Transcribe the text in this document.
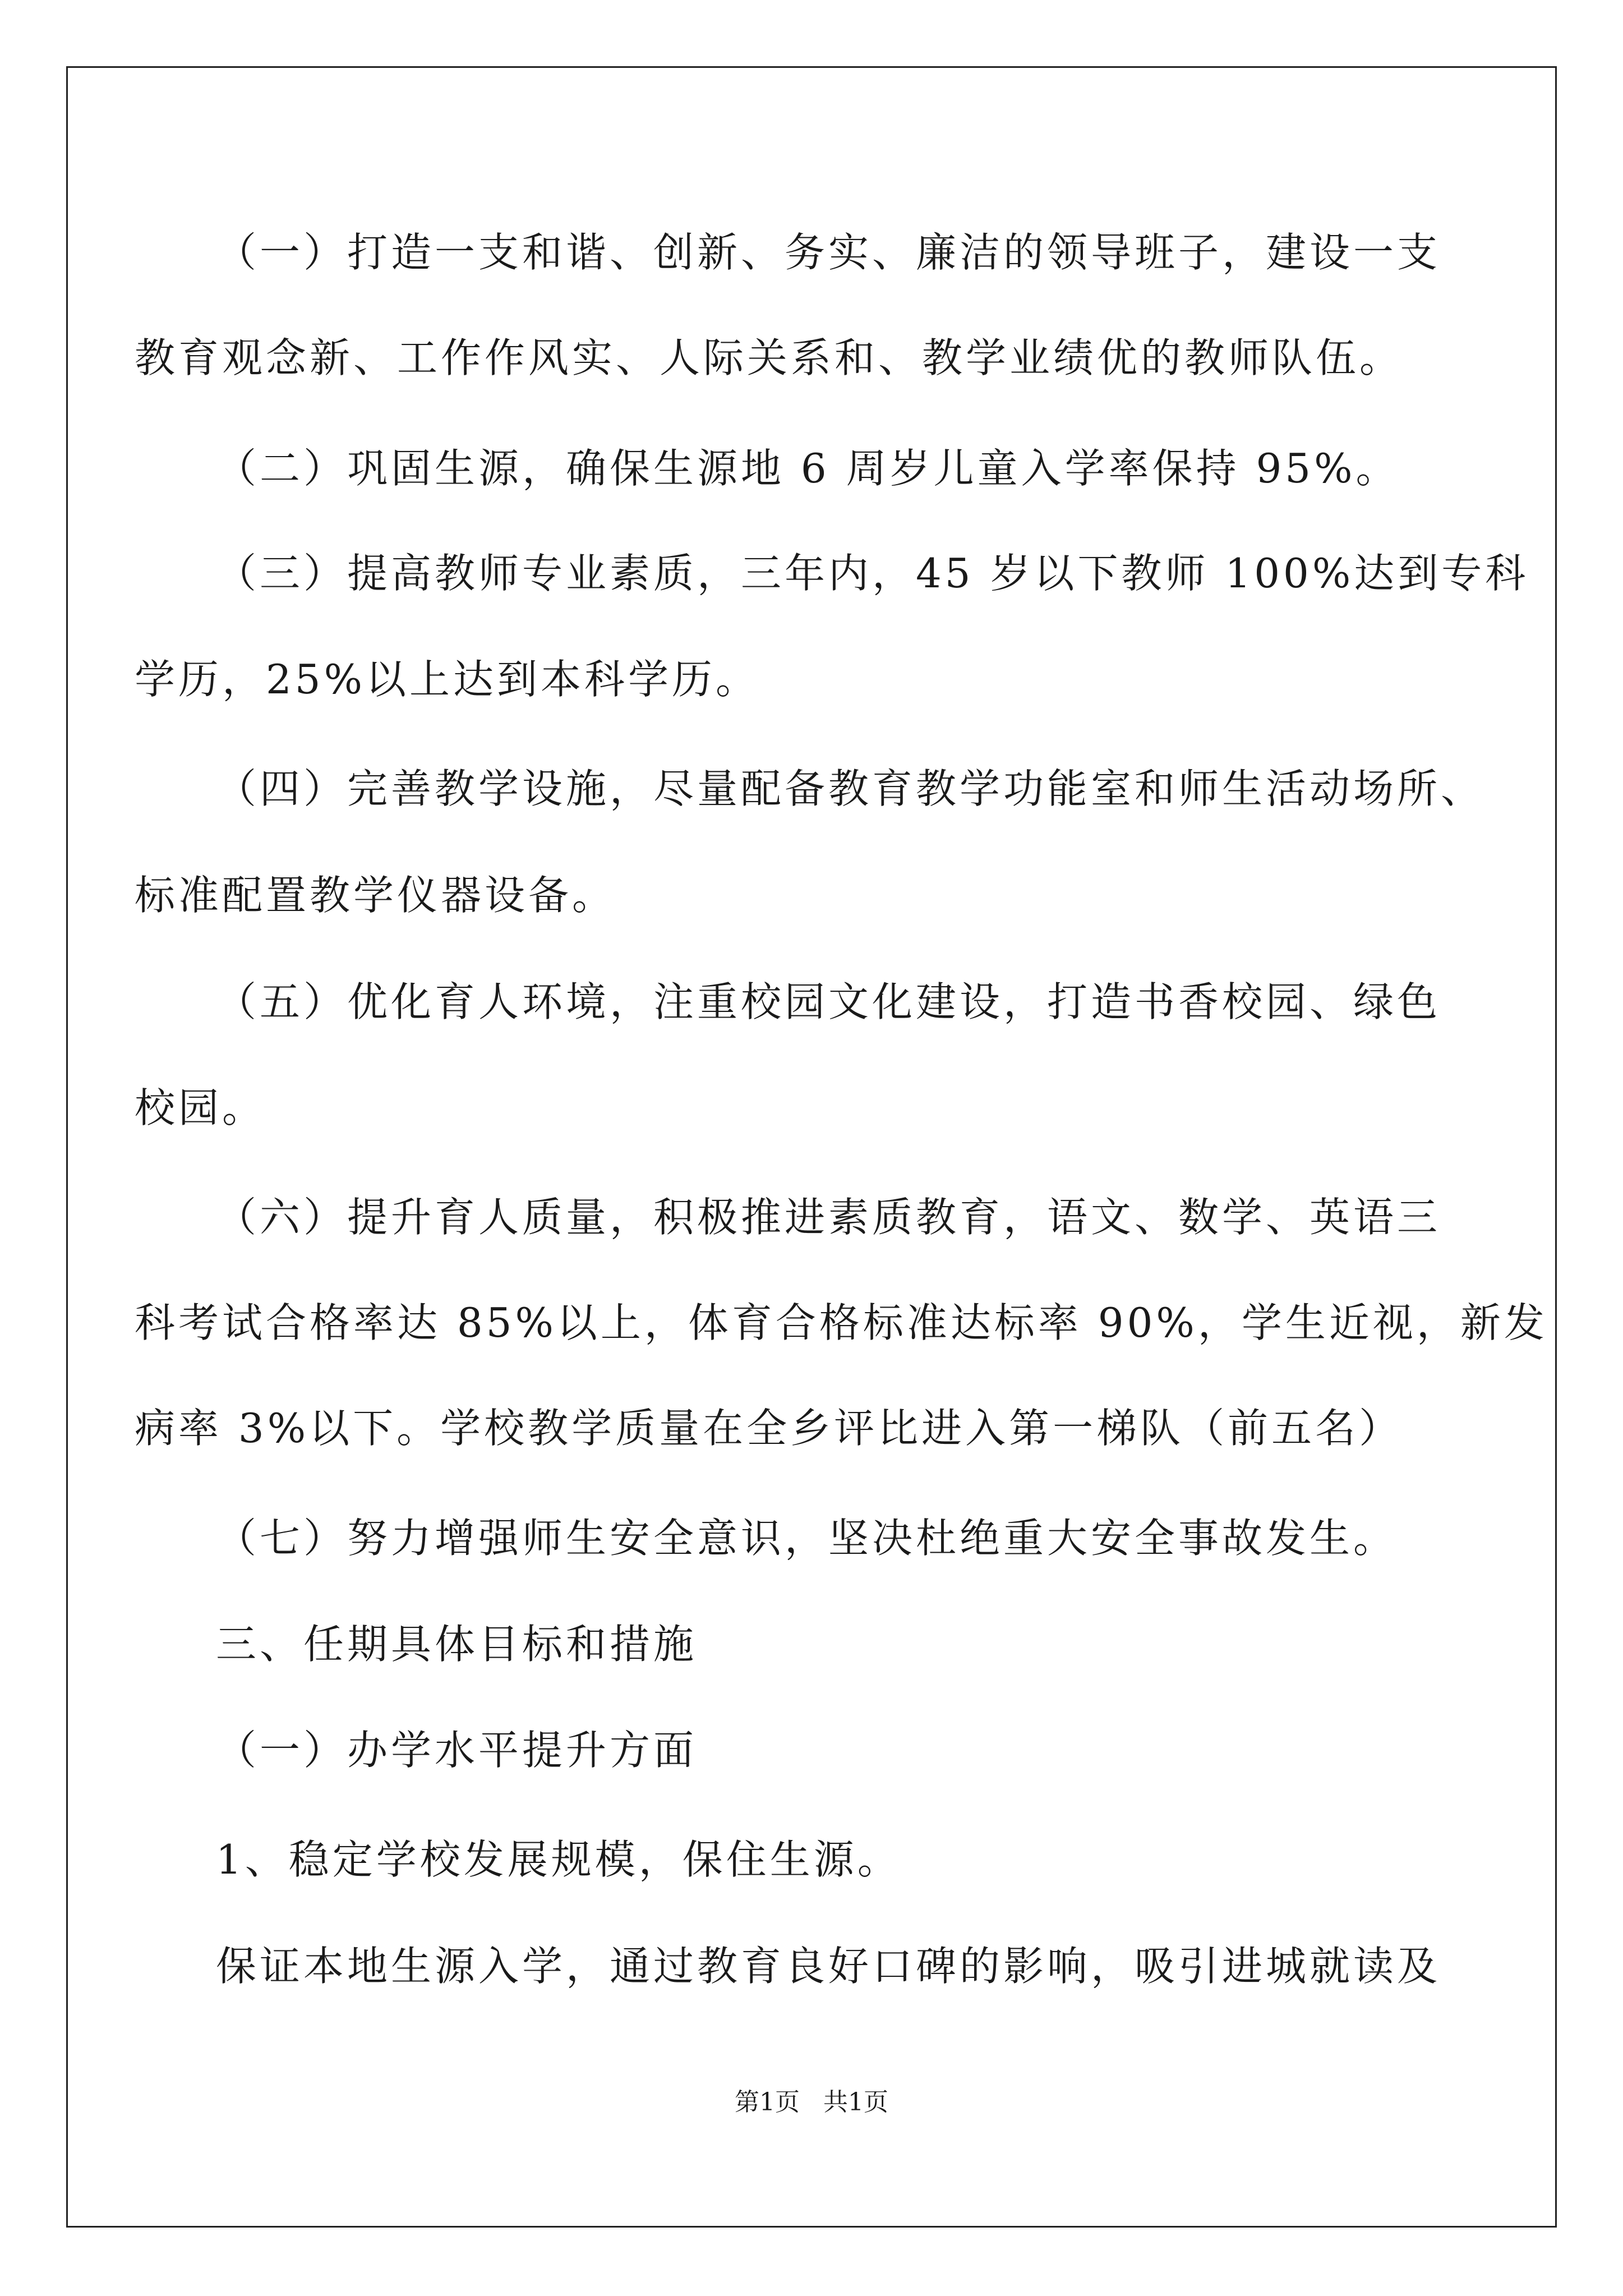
（一）打造一支和谐、创新、务实、廉洁的领导班子，建设一支
教育观念新、工作作风实、人际关系和、教学业绩优的教师队伍。
（二）巩固生源，确保生源地 6 周岁儿童入学率保持 95%。
（三）提高教师专业素质，三年内，45 岁以下教师 100%达到专科
学历，25%以上达到本科学历。
（四）完善教学设施，尽量配备教育教学功能室和师生活动场所、
标准配置教学仪器设备。
（五）优化育人环境，注重校园文化建设，打造书香校园、绿色
校园。
（六）提升育人质量，积极推进素质教育，语文、数学、英语三
科考试合格率达 85%以上，体育合格标准达标率 90%，学生近视，新发
病率 3%以下。学校教学质量在全乡评比进入第一梯队（前五名）
（七）努力增强师生安全意识，坚决杜绝重大安全事故发生。
三、任期具体目标和措施
（一）办学水平提升方面
1、稳定学校发展规模，保住生源。
保证本地生源入学，通过教育良好口碑的影响，吸引进城就读及
第1页   共1页
